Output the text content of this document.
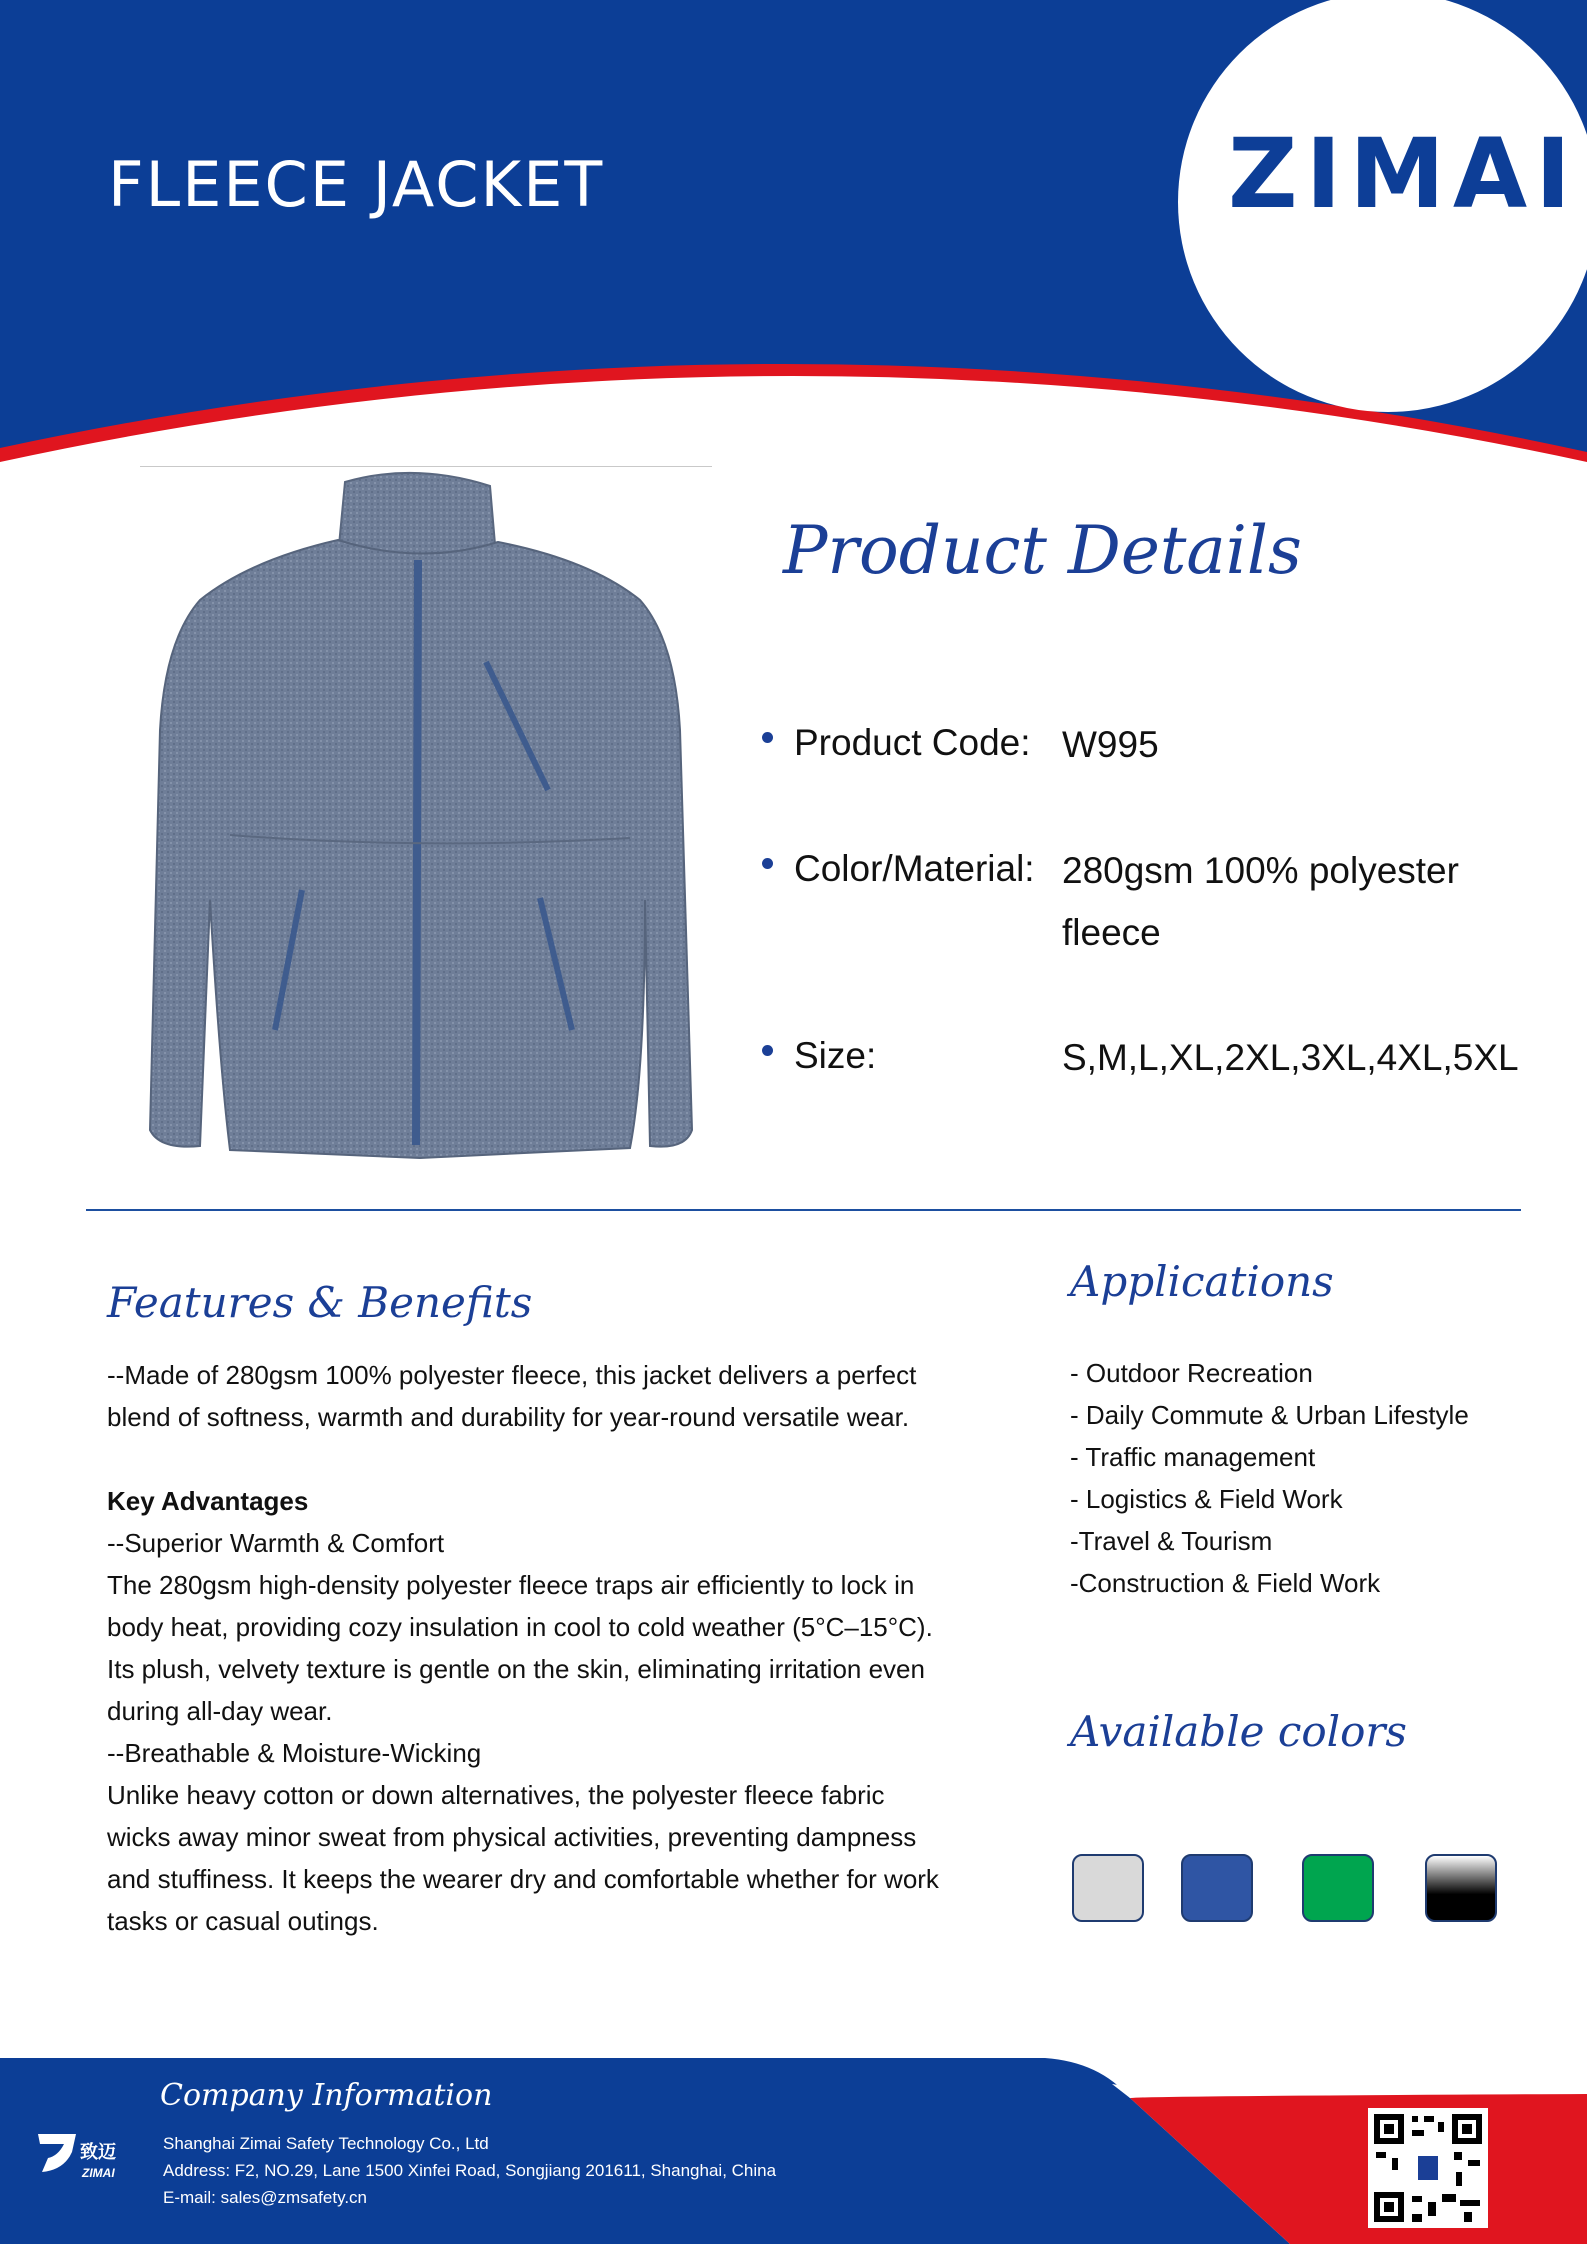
FLEECE JACKET	ZIMAI
Product Details
Product Code: W995
Color/Material: 280gsm 100% polyester fleece
Size:	S,M,L,XL,2XL,3XL,4XL,5XL
Features & Benefits

--Made of 280gsm 100% polyester fleece, this jacket delivers a perfect blend of softness, warmth and durability for year-round versatile wear.

Key Advantages

--Superior Warmth & Comfort

The 280gsm high-density polyester fleece traps air efficiently to lock in body heat, providing cozy insulation in cool to cold weather (5°C–15°C). Its plush, velvety texture is gentle on the skin, eliminating irritation even during all-day wear.

--Breathable & Moisture-Wicking

Unlike heavy cotton or down alternatives, the polyester fleece fabric wicks away minor sweat from physical activities, preventing dampness and stuffiness. It keeps the wearer dry and comfortable whether for work tasks or casual outings.

Applications
- Outdoor Recreation
- Daily Commute & Urban Lifestyle
- Traffic management
- Logistics & Field Work
-Travel & Tourism
-Construction & Field Work
Available colors
ZIMAI
致迈
Company Information
Shanghai Zimai Safety Technology Co., Ltd
Address: F2, NO.29, Lane 1500 Xinfei Road, Songjiang 201611, Shanghai, China
E-mail: sales@zmsafety.cn
